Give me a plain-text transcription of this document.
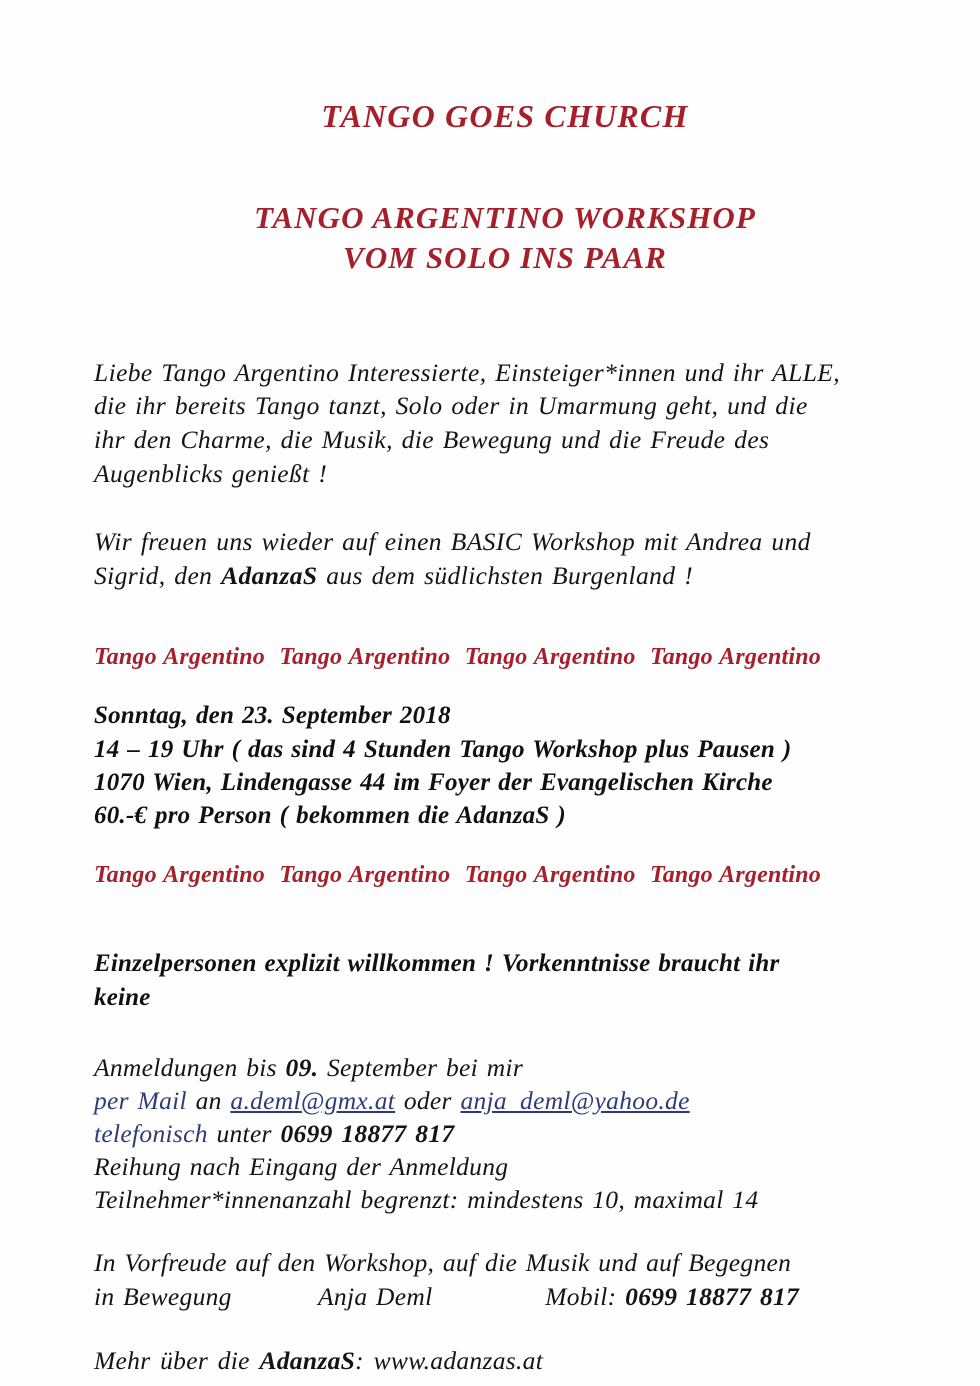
TANGO GOES CHURCH
TANGO ARGENTINO WORKSHOP
VOM SOLO INS PAAR

Liebe Tango Argentino Interessierte, Einsteiger*innen und ihr ALLE,
die ihr bereits Tango tanzt, Solo oder in Umarmung geht, und die
ihr den Charme, die Musik, die Bewegung und die Freude des
Augenblicks genießt !

Wir freuen uns wieder auf einen BASIC Workshop mit Andrea und
Sigrid, den AdanzaS aus dem südlichsten Burgenland !

Tango Argentino  Tango Argentino  Tango Argentino  Tango Argentino

Sonntag, den 23. September 2018
14 – 19 Uhr ( das sind 4 Stunden Tango Workshop plus Pausen )
1070 Wien, Lindengasse 44 im Foyer der Evangelischen Kirche
60.-€ pro Person ( bekommen die AdanzaS )

Tango Argentino  Tango Argentino  Tango Argentino  Tango Argentino

Einzelpersonen explizit willkommen ! Vorkenntnisse braucht ihr
keine

Anmeldungen bis 09. September bei mir
per Mail an a.deml@gmx.at oder anja_deml@yahoo.de
telefonisch unter 0699 18877 817
Reihung nach Eingang der Anmeldung
Teilnehmer*innenanzahl begrenzt: mindestens 10, maximal 14

In Vorfreude auf den Workshop, auf die Musik und auf Begegnen
in Bewegung          Anja Deml             Mobil: 0699 18877 817

Mehr über die AdanzaS: www.adanzas.at
